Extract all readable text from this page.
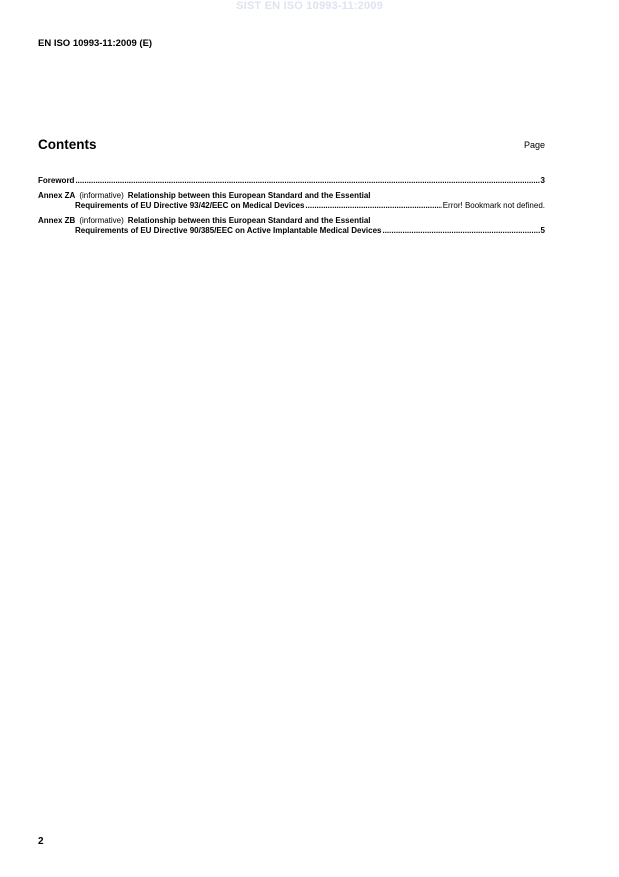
SIST EN ISO 10993-11:2009
EN ISO 10993-11:2009 (E)
Contents	Page
Foreword .....	3
Annex ZA (informative) Relationship between this European Standard and the Essential
Requirements of EU Directive 93/42/EEC on Medical Devices .....	Error! Bookmark not defined.
Annex ZB (informative) Relationship between this European Standard and the Essential
Requirements of EU Directive 90/385/EEC on Active Implantable Medical Devices .....	5
2
